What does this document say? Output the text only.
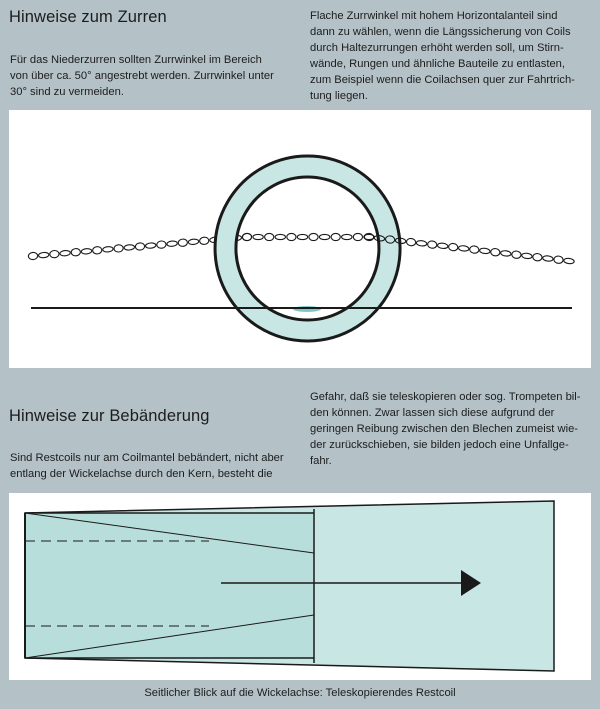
Hinweise zum Zurren
Für das Niederzurren sollten Zurrwinkel im Bereich
von über ca. 50° angestrebt werden. Zurrwinkel unter
30° sind zu vermeiden.
Flache Zurrwinkel mit hohem Horizontalanteil sind
dann zu wählen, wenn die Längssicherung von Coils
durch Haltezurrungen erhöht werden soll, um Stirn-
wände, Rungen und ähnliche Bauteile zu entlasten,
zum Beispiel wenn die Coilachsen quer zur Fahrtrich-
tung liegen.
Hinweise zur Bebänderung
Sind Restcoils nur am Coilmantel bebändert, nicht aber
entlang der Wickelachse durch den Kern, besteht die
Gefahr, daß sie teleskopieren oder sog. Trompeten bil-
den können. Zwar lassen sich diese aufgrund der
geringen Reibung zwischen den Blechen zumeist wie-
der zurückschieben, sie bilden jedoch eine Unfallge-
fahr.
Seitlicher Blick auf die Wickelachse: Teleskopierendes Restcoil
